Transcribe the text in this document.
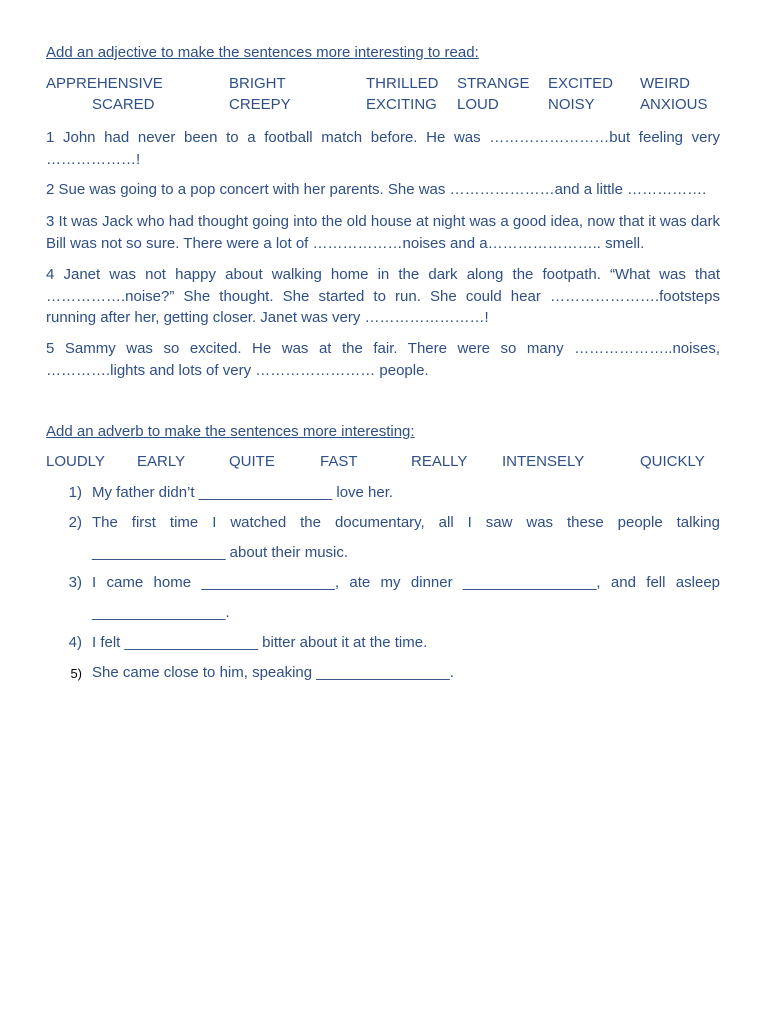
Add an adjective to make the sentences more interesting to read:
APPREHENSIVE	BRIGHT	THRILLED STRANGE EXCITED WEIRD
SCARED	CREEPY	EXCITING LOUD	NOISY	ANXIOUS
1 John had never been to a football match before. He was ……………………but feeling very ………………!
2 Sue was going to a pop concert with her parents. She was …………………and a little …………….
3 It was Jack who had thought going into the old house at night was a good idea, now that it was dark Bill was not so sure. There were a lot of ………………noises and a………………….. smell.
4 Janet was not happy about walking home in the dark along the footpath. “What was that …………….noise?” She thought. She started to run. She could hear ………………….footsteps running after her, getting closer. Janet was very ……………………!
5 Sammy was so excited. He was at the fair. There were so many ………………..noises, ………….lights and lots of very …………………… people.
Add an adverb to make the sentences more interesting:
LOUDLY EARLY	QUITE	FAST	REALLY INTENSELY	QUICKLY
1) My father didn’t ________________ love her.
2) The first time I watched the documentary, all I saw was these people talking ________________ about their music.
3) I came home ________________, ate my dinner ________________, and fell asleep ________________.
4) I felt ________________ bitter about it at the time.
5) She came close to him, speaking ________________.
